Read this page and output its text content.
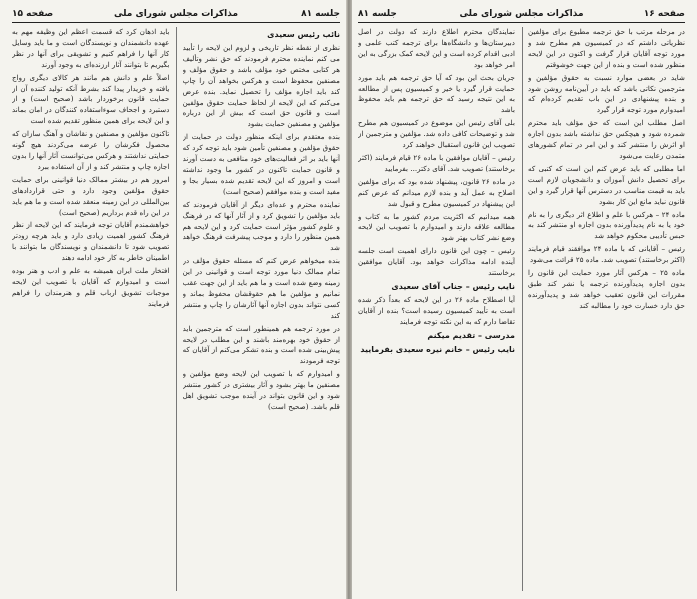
جلسه ۸۱
مذاکرات مجلس شورای ملی
صفحه ۱۵

نائب رئیس سعیدی

نظری از نقطه نظر تاریخی و لزوم این لایحه را تأیید می کنم نماینده محترم فرمودند که حق نشر وتألیف هر کتابی مختص خود مؤلف باشد و حقوق مؤلف و مصنفین محفوظ است و هرکس بخواهد آن را چاپ کند باید اجازه مؤلف را تحصیل نماید. بنده عرض می‌کنم که این لایحه از لحاظ حمایت حقوق مؤلفین است و قانون حق است که بیش از این درباره مؤلفین و مصنفین حمایت بشود

بنده معتقدم برای اینکه منظور دولت در حمایت از حقوق مؤلفین و مصنفین تأمین شود باید توجه کرد که آنها باید بر اثر فعالیت‌های خود منافعی به دست آورند و قانون حمایت تاکنون در کشور ما وجود نداشته است و امروز که این لایحه تقدیم شده بسیار بجا و مفید است و بنده موافقم (صحیح است)

نماینده محترم و عده‌ای دیگر از آقایان فرمودند که باید مؤلفین را تشویق کرد و از آثار آنها که در فرهنگ و علوم کشور مؤثر است حمایت کرد و این لایحه هم همین منظور را دارد و موجب پیشرفت فرهنگ خواهد شد

بنده میخواهم عرض کنم که مسئله حقوق مؤلف در تمام ممالک دنیا مورد توجه است و قوانینی در این زمینه وضع شده است و ما هم باید از این جهت عقب نمانیم و مؤلفین ما هم حقوقشان محفوظ بماند و کسی نتواند بدون اجازه آنها آثارشان را چاپ و منتشر کند

در مورد ترجمه هم همینطور است که مترجمین باید از حقوق خود بهره‌مند باشند و این مطلب در لایحه پیش‌بینی شده است و بنده تشکر می‌کنم از آقایان که توجه فرمودند

و امیدوارم که با تصویب این لایحه وضع مؤلفین و مصنفین ما بهتر بشود و آثار بیشتری در کشور منتشر شود و این قانون بتواند در آینده موجب تشویق اهل قلم باشد. (صحیح است)

باید اذهان کرد که قسمت اعظم این وظیفه مهم به عهده دانشمندان و نویسندگان است و ما باید وسایل کار آنها را فراهم کنیم و تشویقی برای آنها در نظر بگیریم تا بتوانند آثار ارزنده‌ای به وجود آورند

اصلاً علم و دانش هم مانند هر کالای دیگری رواج یافته و خریدار پیدا کند بشرط آنکه تولید کننده آن از حمایت قانون برخوردار باشد (صحیح است) و از دستبرد و اجحاف سوءاستفاده کنندگان در امان بماند و این لایحه برای همین منظور تقدیم شده است

تاکنون مؤلفین و مصنفین و نقاشان و آهنگ سازان که محصول فکرشان را عرضه می‌کردند هیچ گونه حمایتی نداشتند و هرکس می‌توانست آثار آنها را بدون اجازه چاپ و منتشر کند و از آن استفاده ببرد

امروز هم در بیشتر ممالک دنیا قوانینی برای حمایت حقوق مؤلفین وجود دارد و حتی قراردادهای بین‌المللی در این زمینه منعقد شده است و ما هم باید در این راه قدم برداریم (صحیح است)

خواهشمندم آقایان توجه فرمایند که این لایحه از نظر فرهنگ کشور اهمیت زیادی دارد و باید هرچه زودتر تصویب شود تا دانشمندان و نویسندگان ما بتوانند با اطمینان خاطر به کار خود ادامه دهند

افتخار ملت ایران همیشه به علم و ادب و هنر بوده است و امیدوارم که آقایان با تصویب این لایحه موجبات تشویق ارباب قلم و هنرمندان را فراهم فرمایند

صفحه ۱۶
مذاکرات مجلس شورای ملی
جلسه ۸۱

در مرحله مرتب با حق ترجمه مطبوع برای مؤلفین نظریاتی داشتم که در کمیسیون هم مطرح شد و مورد توجه آقایان قرار گرفت و اکنون در این لایحه منظور شده است و بنده از این جهت خوشوقتم

شاید در بعضی موارد نسبت به حقوق مؤلفین و مترجمین نکاتی باشد که باید در آیین‌نامه روشن شود و بنده پیشنهادی در این باب تقدیم کرده‌ام که امیدوارم مورد توجه قرار گیرد

اصل مطلب این است که حق مؤلف باید محترم شمرده شود و هیچکس حق نداشته باشد بدون اجازه او اثرش را منتشر کند و این امر در تمام کشورهای متمدن رعایت می‌شود

اما مطلبی که باید عرض کنم این است که کتبی که برای تحصیل دانش آموزان و دانشجویان لازم است باید به قیمت مناسب در دسترس آنها قرار گیرد و این قانون نباید مانع این کار بشود

ماده ۲۴ – هرکس با علم و اطلاع اثر دیگری را به نام خود یا به نام پدیدآورنده بدون اجازه او منتشر کند به حبس تأدیبی محکوم خواهد شد

رئیس – آقایانی که با ماده ۲۴ موافقند قیام فرمایند (اکثر برخاستند) تصویب شد. ماده ۲۵ قرائت می‌شود

ماده ۲۵ – هرکس آثار مورد حمایت این قانون را بدون اجازه پدیدآورنده ترجمه یا نشر کند طبق مقررات این قانون تعقیب خواهد شد و پدیدآورنده حق دارد خسارت خود را مطالبه کند

نمایندگان محترم اطلاع دارند که دولت در اصل دبیرستان‌ها و دانشگاه‌ها برای ترجمه کتب علمی و ادبی اقدام کرده است و این لایحه کمک بزرگی به این امر خواهد بود

جریان بحث این بود که آیا حق ترجمه هم باید مورد حمایت قرار گیرد یا خیر و کمیسیون پس از مطالعه به این نتیجه رسید که حق ترجمه هم باید محفوظ باشد

بلی آقای رئیس این موضوع در کمیسیون هم مطرح شد و توضیحات کافی داده شد. مؤلفین و مترجمین از تصویب این قانون استقبال خواهند کرد

رئیس – آقایان موافقین با ماده ۲۶ قیام فرمایند (اکثر برخاستند) تصویب شد. آقای دکتر... بفرمایید

در ماده ۲۶ قانون، پیشنهاد شده بود که برای مؤلفین اصلاح به عمل آید و بنده لازم میدانم که عرض کنم این پیشنهاد در کمیسیون مطرح و قبول شد

همه میدانیم که اکثریت مردم کشور ما به کتاب و مطالعه علاقه دارند و امیدوارم با تصویب این لایحه وضع نشر کتاب بهتر شود

رئیس – چون این قانون دارای اهمیت است جلسه آینده ادامه مذاکرات خواهد بود. آقایان موافقین برخاستند

نایب رئیس – جناب آقای سعیدی

آیا اصطلاح ماده ۲۶ در این لایحه که بعداً ذکر شده است به تأیید کمیسیون رسیده است؟ بنده از آقایان تقاضا دارم که به این نکته توجه فرمایند

مدرسی – تقدیم میکنم

نایب رئیس – خانم نیره سعیدی بفرمایید
